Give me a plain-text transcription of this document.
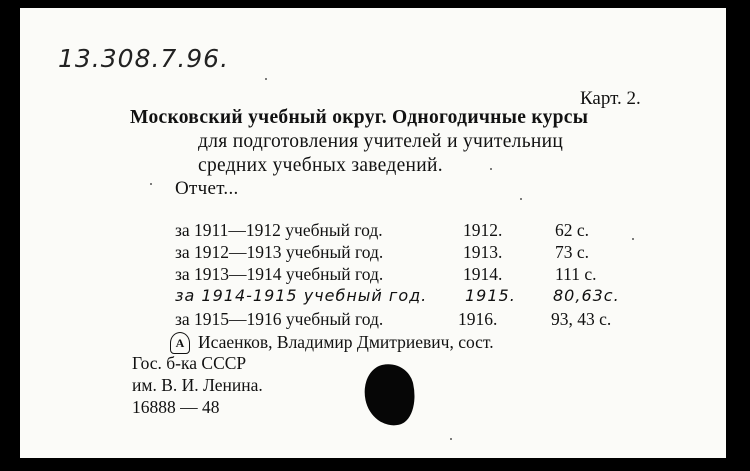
13.308.7.96.
Карт. 2.
Московский учебный округ. Одногодичные курсы
для подготовления учителей и учительниц
средних учебных заведений.
Отчет...
за 1911—1912 учебный год.	1912.	62 с.
за 1912—1913 учебный год.	1913.	73 с.
за 1913—1914 учебный год.	1914.	111 с.
за 1914-1915 учебный год. 1915. 80,63с.
за 1915—1916 учебный год.	1916.	93, 43 с.
А Исаенков, Владимир Дмитриевич, сост.
Гос. б-ка СССР
им. В. И. Ленина.
16888 — 48
